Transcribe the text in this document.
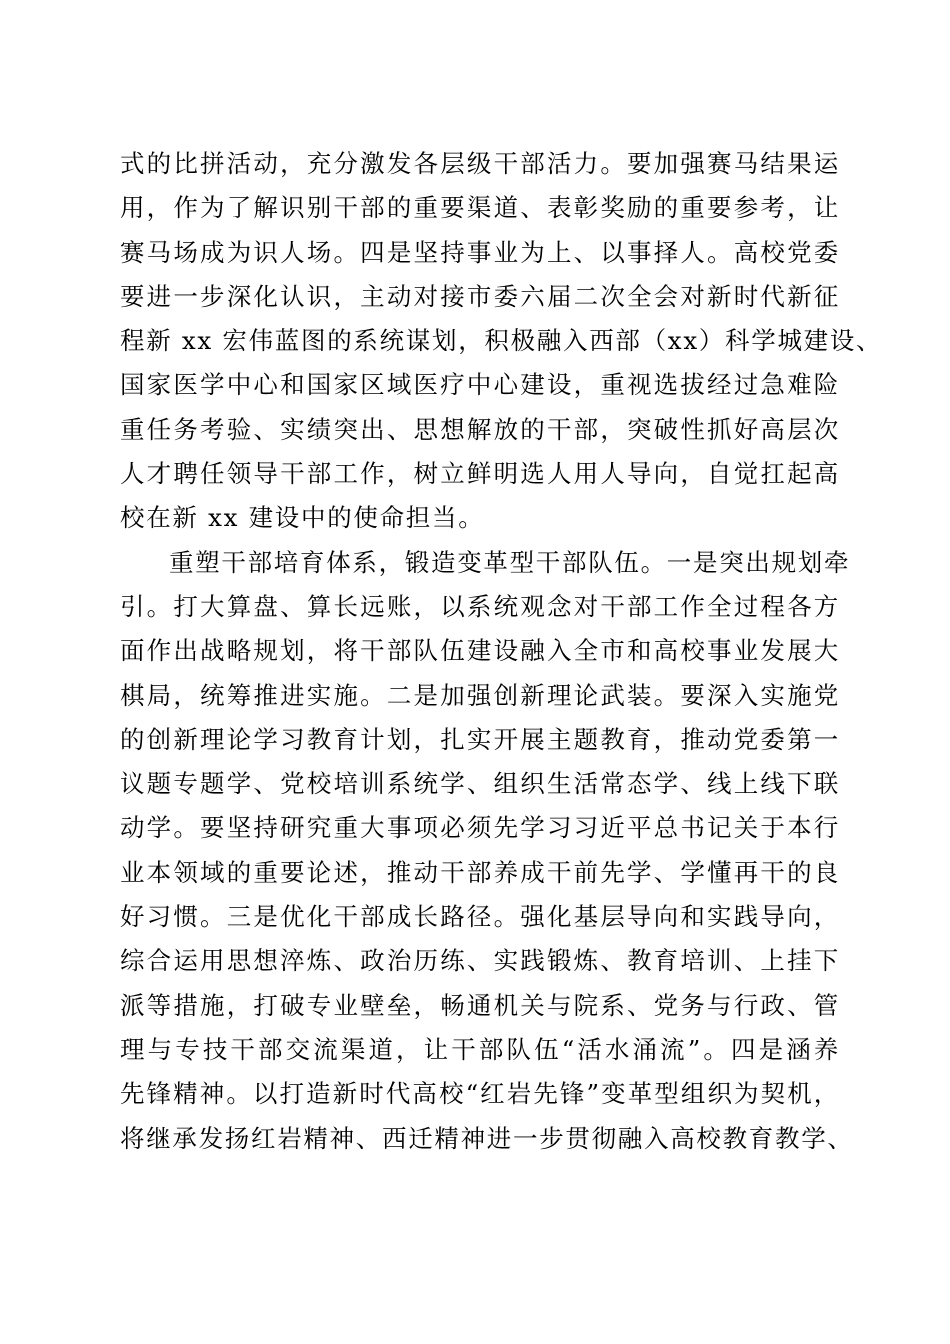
式的比拼活动，充分激发各层级干部活力。要加强赛马结果运
用，作为了解识别干部的重要渠道、表彰奖励的重要参考，让
赛马场成为识人场。四是坚持事业为上、以事择人。高校党委
要进一步深化认识，主动对接市委六届二次全会对新时代新征
程新 xx 宏伟蓝图的系统谋划，积极融入西部（xx）科学城建设、
国家医学中心和国家区域医疗中心建设，重视选拔经过急难险
重任务考验、实绩突出、思想解放的干部，突破性抓好高层次
人才聘任领导干部工作，树立鲜明选人用人导向，自觉扛起高
校在新 xx 建设中的使命担当。
重塑干部培育体系，锻造变革型干部队伍。一是突出规划牵
引。打大算盘、算长远账，以系统观念对干部工作全过程各方
面作出战略规划，将干部队伍建设融入全市和高校事业发展大
棋局，统筹推进实施。二是加强创新理论武装。要深入实施党
的创新理论学习教育计划，扎实开展主题教育，推动党委第一
议题专题学、党校培训系统学、组织生活常态学、线上线下联
动学。要坚持研究重大事项必须先学习习近平总书记关于本行
业本领域的重要论述，推动干部养成干前先学、学懂再干的良
好习惯。三是优化干部成长路径。强化基层导向和实践导向，
综合运用思想淬炼、政治历练、实践锻炼、教育培训、上挂下
派等措施，打破专业壁垒，畅通机关与院系、党务与行政、管
理与专技干部交流渠道，让干部队伍“活水涌流”。四是涵养
先锋精神。以打造新时代高校“红岩先锋”变革型组织为契机，
将继承发扬红岩精神、西迁精神进一步贯彻融入高校教育教学、
